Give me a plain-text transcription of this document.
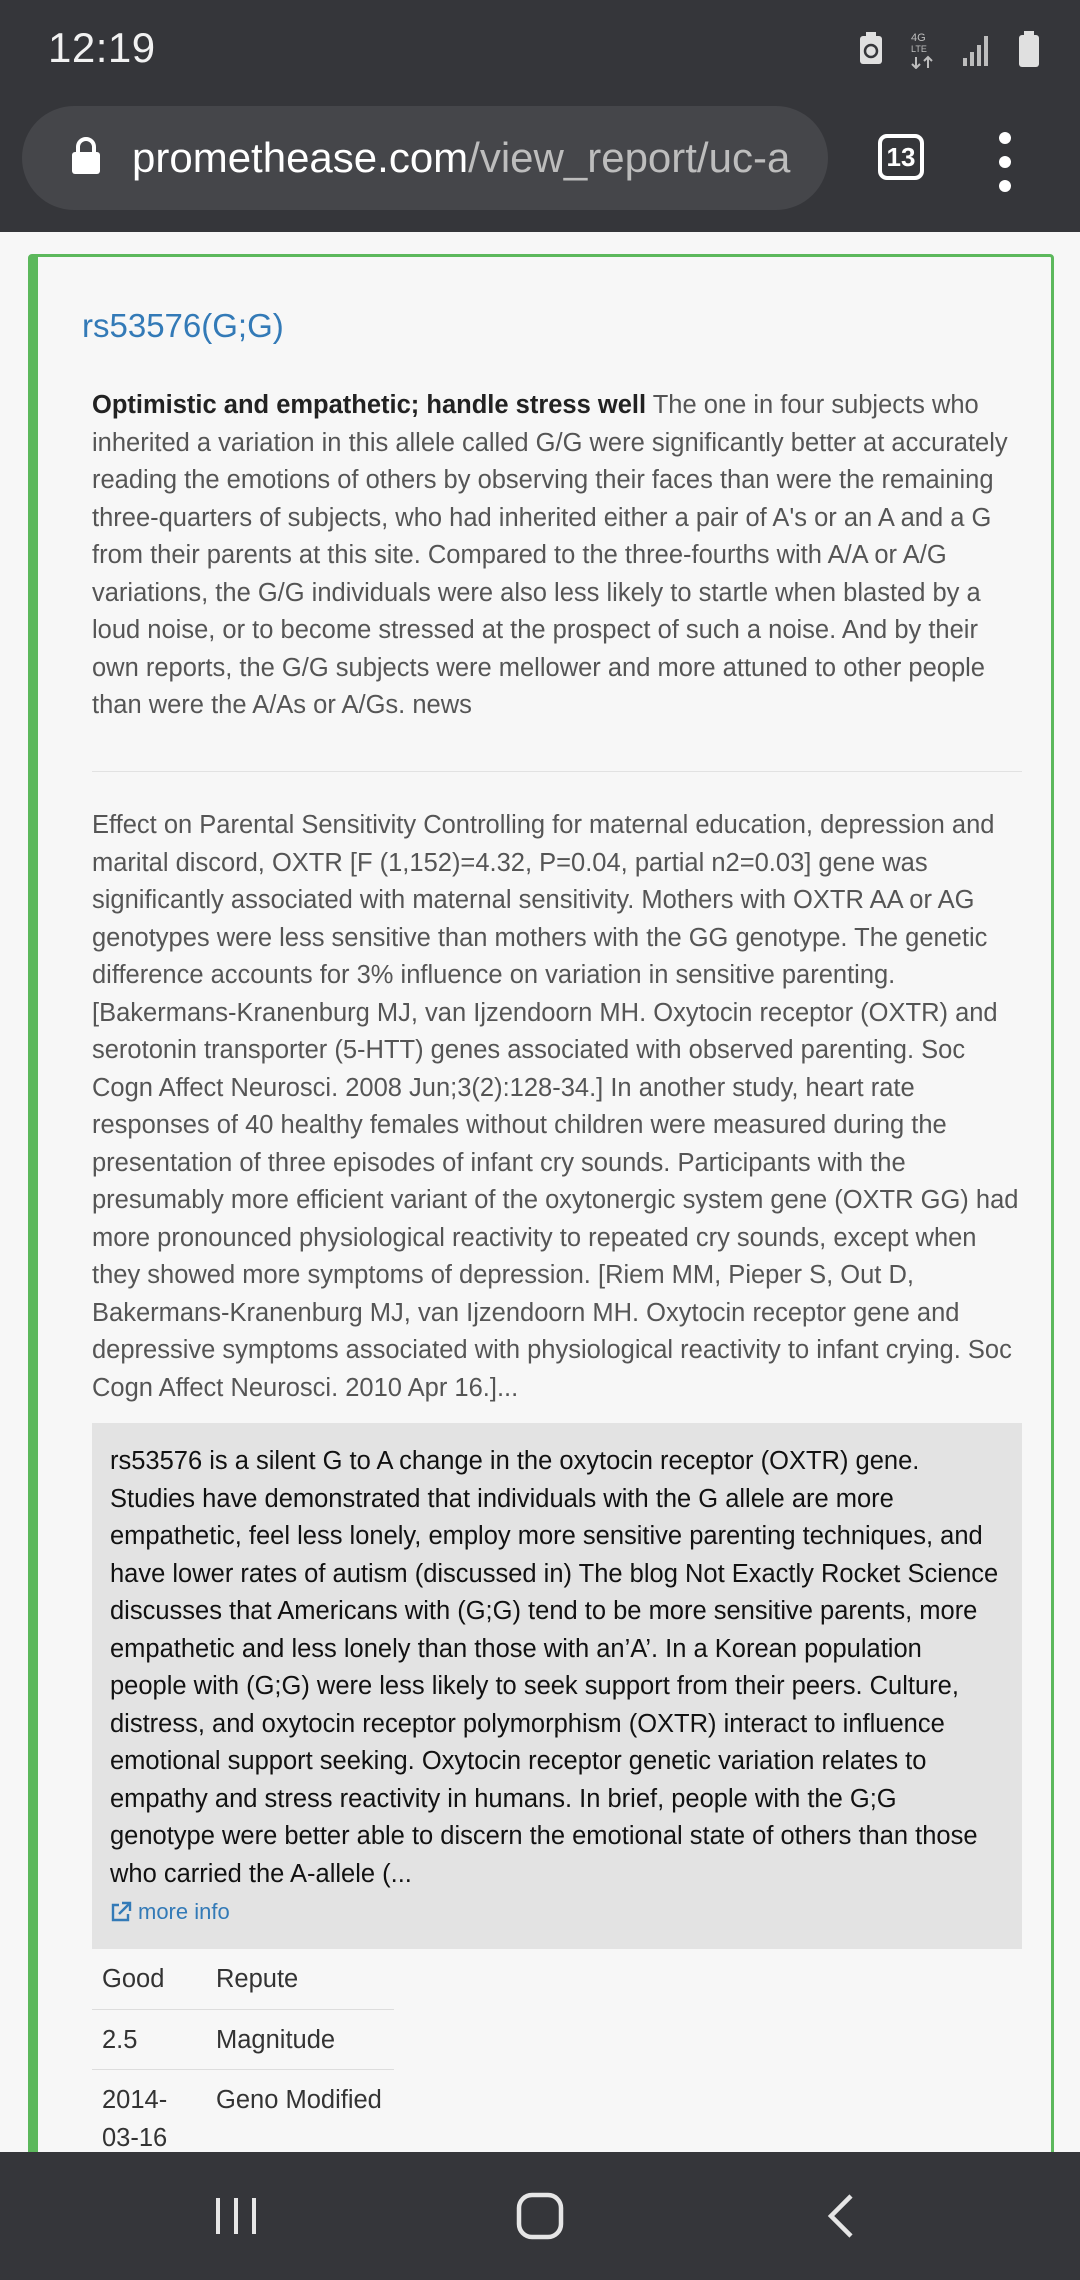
12:19	4G
LTE
promethease.com/view_report/uc-a	13
rs53576(G;G)

Optimistic and empathetic; handle stress well The one in four subjects who inherited a variation in this allele called G/G were significantly better at accurately reading the emotions of others by observing their faces than were the remaining three-quarters of subjects, who had inherited either a pair of A's or an A and a G from their parents at this site. Compared to the three-fourths with A/A or A/G variations, the G/G individuals were also less likely to startle when blasted by a loud noise, or to become stressed at the prospect of such a noise. And by their own reports, the G/G subjects were mellower and more attuned to other people than were the A/As or A/Gs. news

Effect on Parental Sensitivity Controlling for maternal education, depression and marital discord, OXTR [F (1,152)=4.32, P=0.04, partial n2=0.03] gene was significantly associated with maternal sensitivity. Mothers with OXTR AA or AG genotypes were less sensitive than mothers with the GG genotype. The genetic difference accounts for 3% influence on variation in sensitive parenting. [Bakermans-Kranenburg MJ, van Ijzendoorn MH. Oxytocin receptor (OXTR) and serotonin transporter (5-HTT) genes associated with observed parenting. Soc Cogn Affect Neurosci. 2008 Jun;3(2):128-34.] In another study, heart rate responses of 40 healthy females without children were measured during the presentation of three episodes of infant cry sounds. Participants with the presumably more efficient variant of the oxytonergic system gene (OXTR GG) had more pronounced physiological reactivity to repeated cry sounds, except when they showed more symptoms of depression. [Riem MM, Pieper S, Out D, Bakermans-Kranenburg MJ, van Ijzendoorn MH. Oxytocin receptor gene and depressive symptoms associated with physiological reactivity to infant crying. Soc Cogn Affect Neurosci. 2010 Apr 16.]...

rs53576 is a silent G to A change in the oxytocin receptor (OXTR) gene. Studies have demonstrated that individuals with the G allele are more empathetic, feel less lonely, employ more sensitive parenting techniques, and have lower rates of autism (discussed in) The blog Not Exactly Rocket Science discusses that Americans with (G;G) tend to be more sensitive parents, more empathetic and less lonely than those with an’A’. In a Korean population people with (G;G) were less likely to seek support from their peers. Culture, distress, and oxytocin receptor polymorphism (OXTR) interact to influence emotional support seeking. Oxytocin receptor genetic variation relates to empathy and stress reactivity in humans. In brief, people with the G;G genotype were better able to discern the emotional state of others than those who carried the A-allele (...

more info
Good	Repute
2.5	Magnitude
2014-03-16	Geno Modified
